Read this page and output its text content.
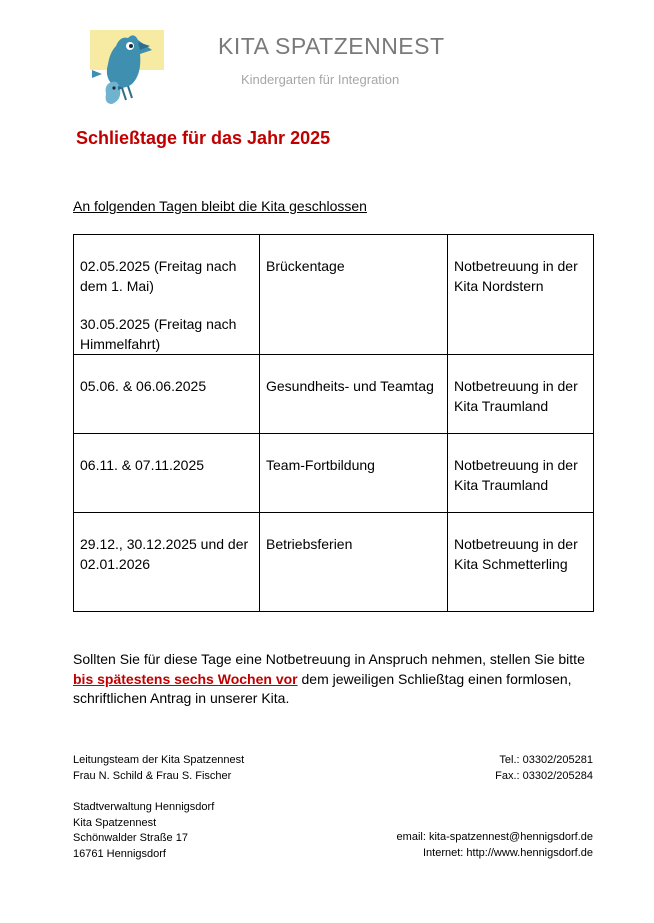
KITA SPATZENNEST
Kindergarten für Integration
Schließtage für das Jahr 2025
An folgenden Tagen bleibt die Kita geschlossen
02.05.2025 (Freitag nach dem 1. Mai)
30.05.2025 (Freitag nach Himmelfahrt)	Brückentage	Notbetreuung in der Kita Nordstern
05.06. & 06.06.2025	Gesundheits- und Teamtag	Notbetreuung in der Kita Traumland
06.11. & 07.11.2025	Team-Fortbildung	Notbetreuung in der Kita Traumland
29.12., 30.12.2025 und der 02.01.2026	Betriebsferien	Notbetreuung in der Kita Schmetterling
Sollten Sie für diese Tage eine Notbetreuung in Anspruch nehmen, stellen Sie bitte bis spätestens sechs Wochen vor dem jeweiligen Schließtag einen formlosen, schriftlichen Antrag in unserer Kita.
Leitungsteam der Kita Spatzennest
Frau N. Schild & Frau S. Fischer
Tel.: 03302/205281
Fax.: 03302/205284
Stadtverwaltung Hennigsdorf
Kita Spatzennest
Schönwalder Straße 17
16761 Hennigsdorf
email: kita-spatzennest@hennigsdorf.de
Internet: http://www.hennigsdorf.de
